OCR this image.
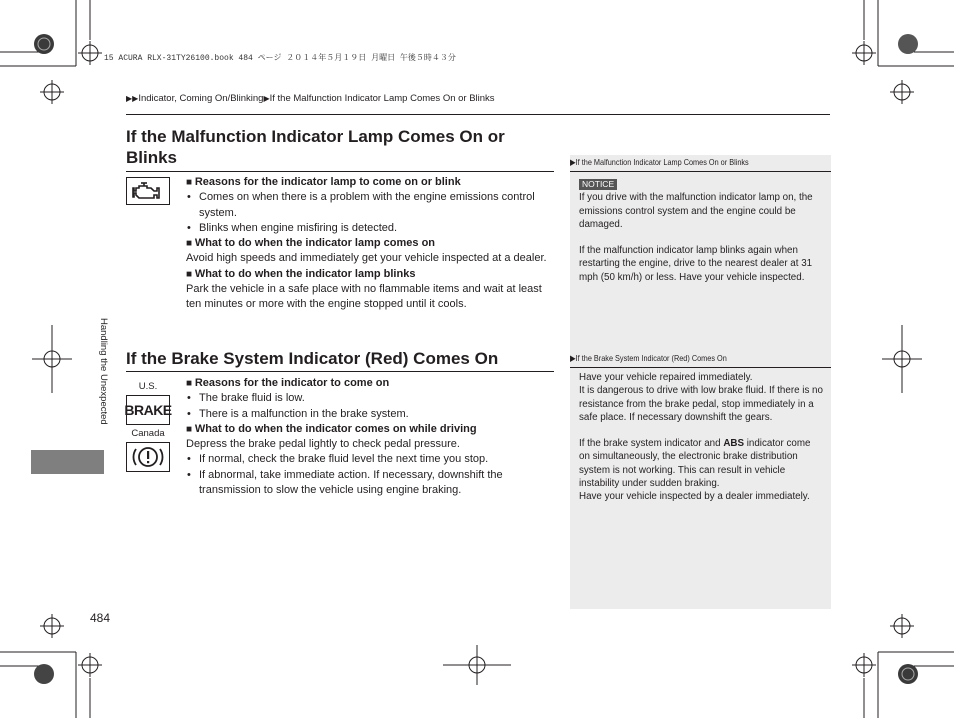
15 ACURA RLX-31TY26100.book 484 ページ ２０１４年５月１９日 月曜日 午後５時４３分
▶▶Indicator, Coming On/Blinking▶If the Malfunction Indicator Lamp Comes On or Blinks
Handling the Unexpected
If the Malfunction Indicator Lamp Comes On or Blinks
■ Reasons for the indicator lamp to come on or blink
• Comes on when there is a problem with the engine emissions control system.
• Blinks when engine misfiring is detected.
■ What to do when the indicator lamp comes on

Avoid high speeds and immediately get your vehicle inspected at a dealer.

■ What to do when the indicator lamp blinks

Park the vehicle in a safe place with no flammable items and wait at least ten minutes or more with the engine stopped until it cools.

If the Brake System Indicator (Red) Comes On
U.S.
BRAKE
Canada
■ Reasons for the indicator to come on
• The brake fluid is low.
• There is a malfunction in the brake system.
■ What to do when the indicator comes on while driving

Depress the brake pedal lightly to check pedal pressure.

• If normal, check the brake fluid level the next time you stop.
• If abnormal, take immediate action. If necessary, downshift the transmission to slow the vehicle using engine braking.
▶If the Malfunction Indicator Lamp Comes On or Blinks
NOTICE

If you drive with the malfunction indicator lamp on, the emissions control system and the engine could be damaged.

If the malfunction indicator lamp blinks again when restarting the engine, drive to the nearest dealer at 31 mph (50 km/h) or less. Have your vehicle inspected.

▶If the Brake System Indicator (Red) Comes On

Have your vehicle repaired immediately.

It is dangerous to drive with low brake fluid. If there is no resistance from the brake pedal, stop immediately in a safe place. If necessary downshift the gears.

If the brake system indicator and ABS indicator come on simultaneously, the electronic brake distribution system is not working. This can result in vehicle instability under sudden braking.

Have your vehicle inspected by a dealer immediately.

484
